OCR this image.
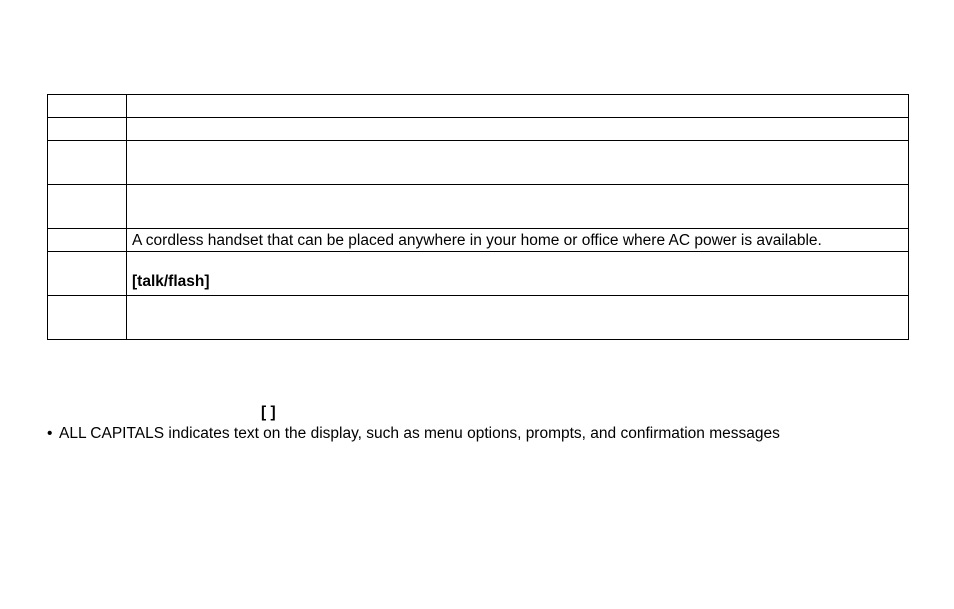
	A cordless handset that can be placed anywhere in your home or office where AC power is available.
	[talk/flash]

[ ]
• ALL CAPITALS indicates text on the display, such as menu options, prompts, and confirmation messages
